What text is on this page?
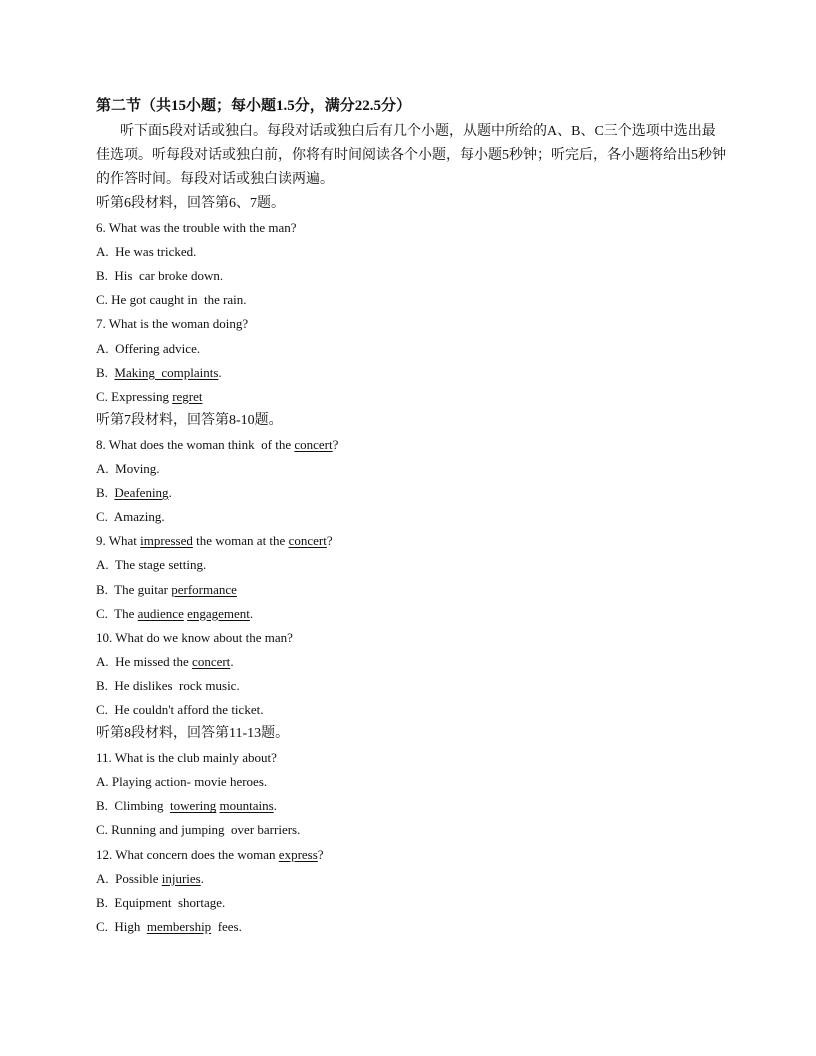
第二节（共15小题；每小题1.5分，满分22.5分）

听下面5段对话或独白。每段对话或独白后有几个小题，从题中所给的A、B、C三个选项中选出最佳选项。听每段对话或独白前，你将有时间阅读各个小题，每小题5秒钟；听完后，各小题将给出5秒钟的作答时间。每段对话或独白读两遍。

听第6段材料，回答第6、7题。
6. What was the trouble with the man?
A.  He was tricked.
B.  His  car broke down.
C. He got caught in  the rain.
7. What is the woman doing?
A.  Offering advice.
B.  Making  complaints.
C. Expressing regret
听第7段材料，回答第8-10题。
8. What does the woman think  of the concert?
A.  Moving.
B.  Deafening.
C.  Amazing.
9. What impressed the woman at the concert?
A.  The stage setting.
B.  The guitar performance
C.  The audience engagement.
10. What do we know about the man?
A.  He missed the concert.
B.  He dislikes  rock music.
C.  He couldn't afford the ticket.
听第8段材料，回答第11-13题。
11. What is the club mainly about?
A. Playing action- movie heroes.
B.  Climbing  towering mountains.
C. Running and jumping  over barriers.
12. What concern does the woman express?
A.  Possible injuries.
B.  Equipment  shortage.
C.  High  membership  fees.
